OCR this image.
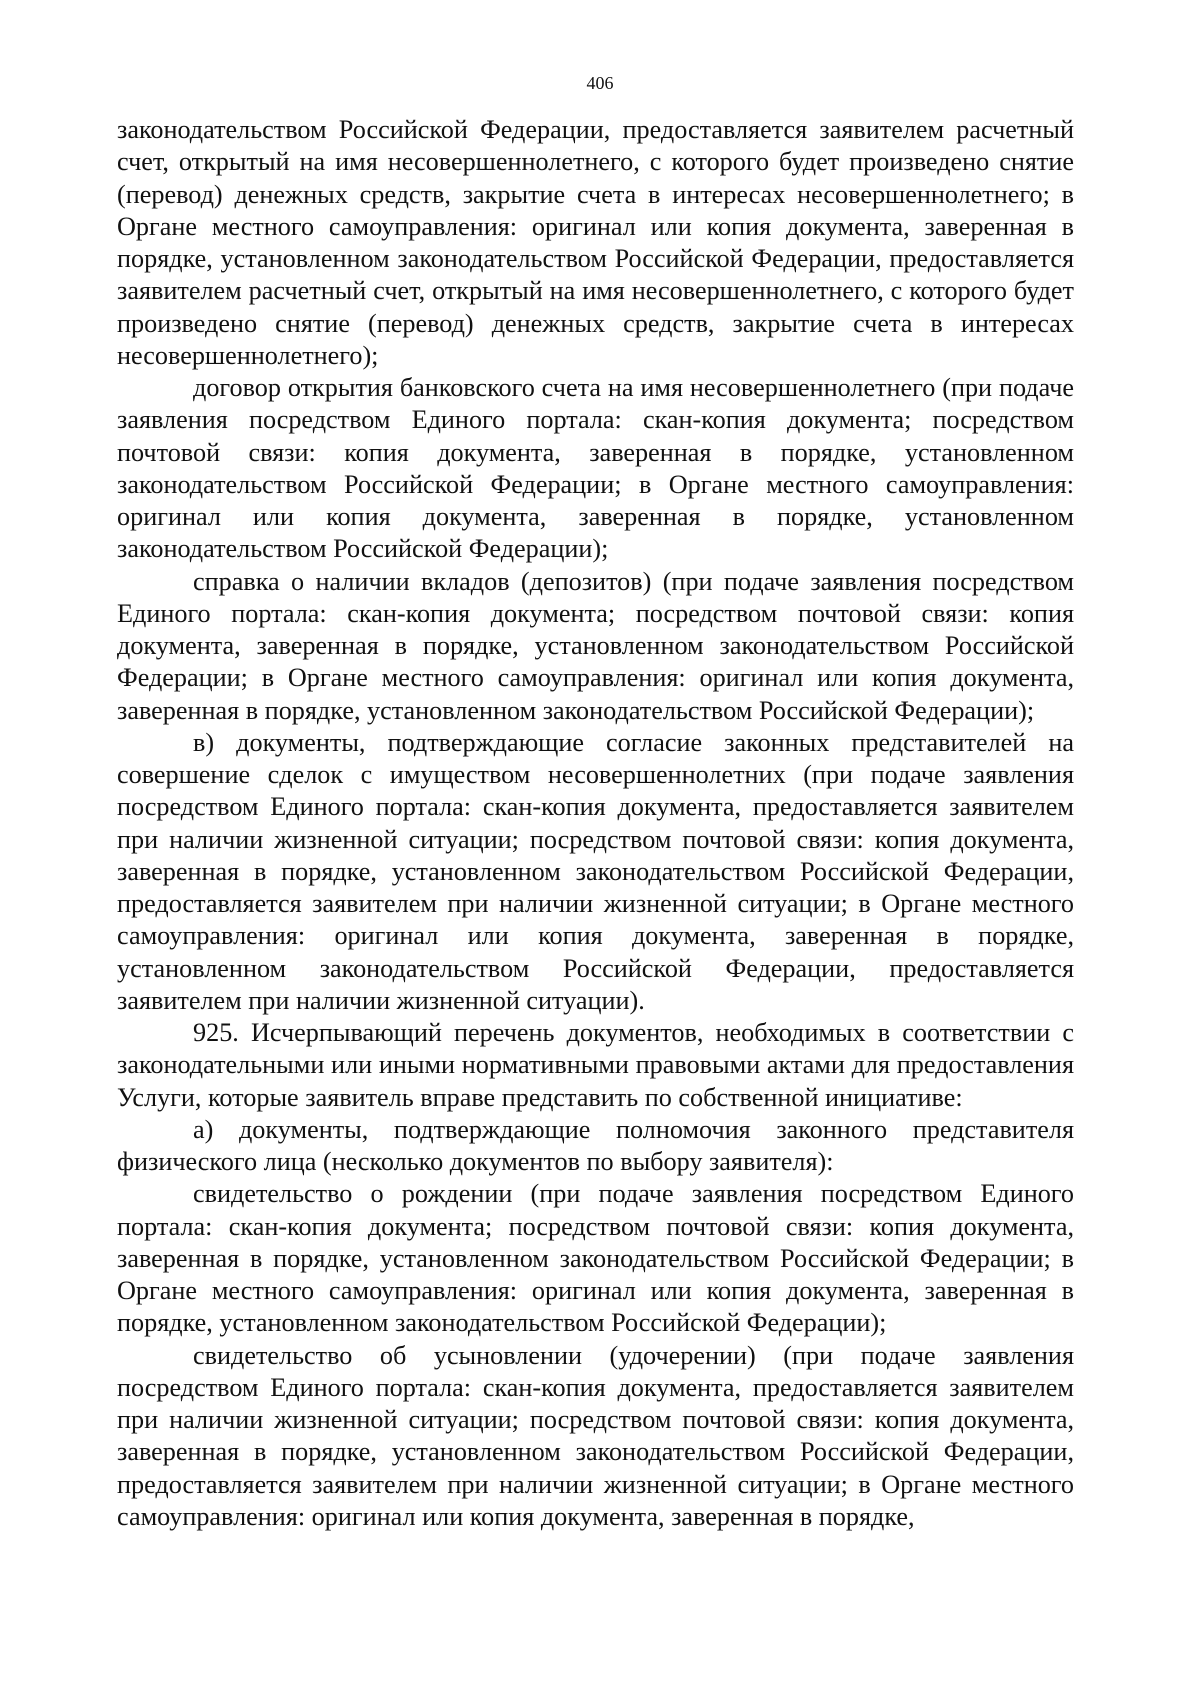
406

законодательством Российской Федерации, предоставляется заявителем расчетный счет, открытый на имя несовершеннолетнего, с которого будет произведено снятие (перевод) денежных средств, закрытие счета в интересах несовершеннолетнего; в Органе местного самоуправления: оригинал или копия документа, заверенная в порядке, установленном законодательством Российской Федерации, предоставляется заявителем расчетный счет, открытый на имя несовершеннолетнего, с которого будет произведено снятие (перевод) денежных средств, закрытие счета в интересах несовершеннолетнего);

договор открытия банковского счета на имя несовершеннолетнего (при подаче заявления посредством Единого портала: скан-копия документа; посредством почтовой связи: копия документа, заверенная в порядке, установленном законодательством Российской Федерации; в Органе местного самоуправления: оригинал или копия документа, заверенная в порядке, установленном законодательством Российской Федерации);

справка о наличии вкладов (депозитов) (при подаче заявления посредством Единого портала: скан-копия документа; посредством почтовой связи: копия документа, заверенная в порядке, установленном законодательством Российской Федерации; в Органе местного самоуправления: оригинал или копия документа, заверенная в порядке, установленном законодательством Российской Федерации);

в) документы, подтверждающие согласие законных представителей на совершение сделок с имуществом несовершеннолетних (при подаче заявления посредством Единого портала: скан-копия документа, предоставляется заявителем при наличии жизненной ситуации; посредством почтовой связи: копия документа, заверенная в порядке, установленном законодательством Российской Федерации, предоставляется заявителем при наличии жизненной ситуации; в Органе местного самоуправления: оригинал или копия документа, заверенная в порядке, установленном законодательством Российской Федерации, предоставляется заявителем при наличии жизненной ситуации).

925. Исчерпывающий перечень документов, необходимых в соответствии с законодательными или иными нормативными правовыми актами для предоставления Услуги, которые заявитель вправе представить по собственной инициативе:

а) документы, подтверждающие полномочия законного представителя физического лица (несколько документов по выбору заявителя):

свидетельство о рождении (при подаче заявления посредством Единого портала: скан-копия документа; посредством почтовой связи: копия документа, заверенная в порядке, установленном законодательством Российской Федерации; в Органе местного самоуправления: оригинал или копия документа, заверенная в порядке, установленном законодательством Российской Федерации);

свидетельство об усыновлении (удочерении) (при подаче заявления посредством Единого портала: скан-копия документа, предоставляется заявителем при наличии жизненной ситуации; посредством почтовой связи: копия документа, заверенная в порядке, установленном законодательством Российской Федерации, предоставляется заявителем при наличии жизненной ситуации; в Органе местного самоуправления: оригинал или копия документа, заверенная в порядке,
